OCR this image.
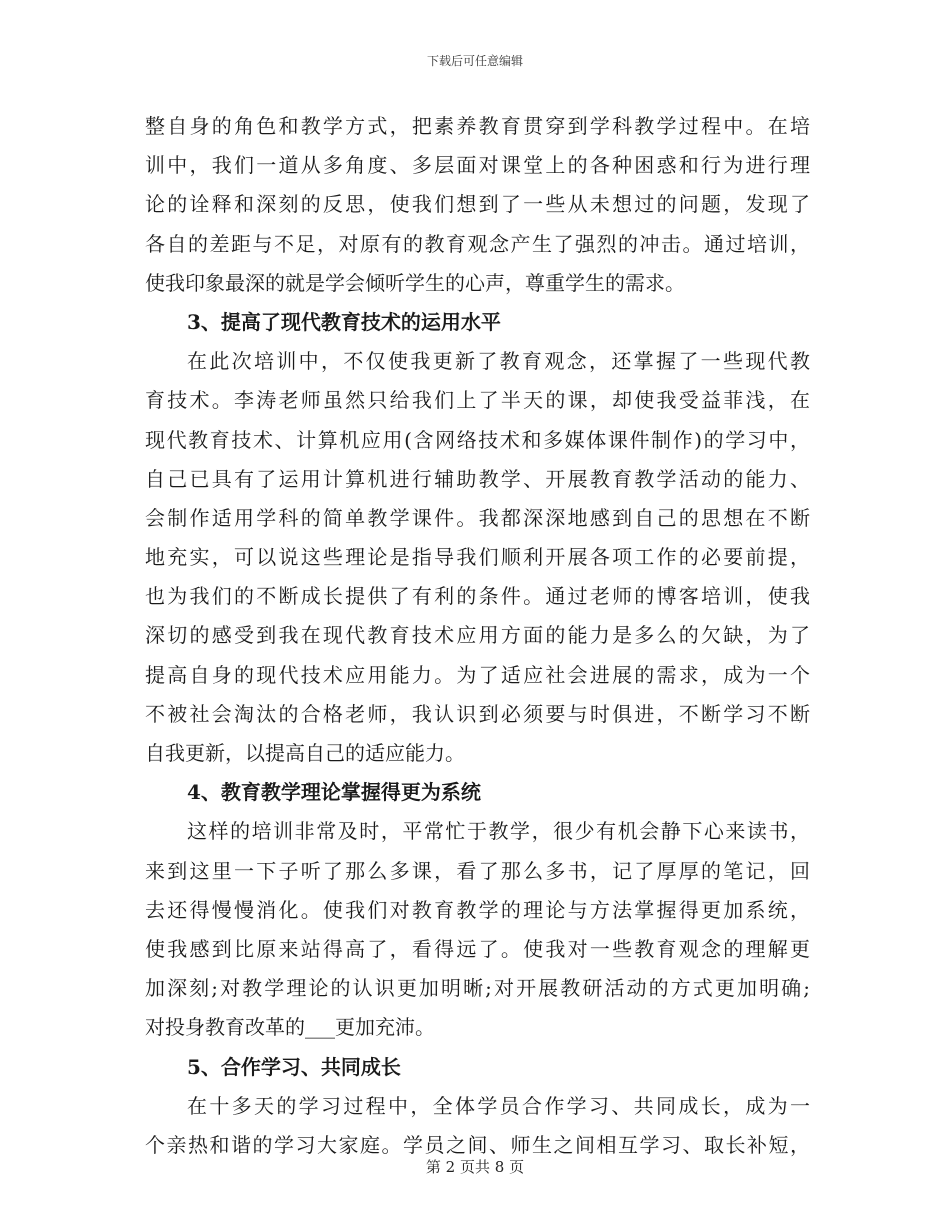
下载后可任意编辑
整自身的角色和教学方式，把素养教育贯穿到学科教学过程中。在培
训中，我们一道从多角度、多层面对课堂上的各种困惑和行为进行理
论的诠释和深刻的反思，使我们想到了一些从未想过的问题，发现了
各自的差距与不足，对原有的教育观念产生了强烈的冲击。通过培训，
使我印象最深的就是学会倾听学生的心声，尊重学生的需求。
3、提高了现代教育技术的运用水平
在此次培训中，不仅使我更新了教育观念，还掌握了一些现代教
育技术。李涛老师虽然只给我们上了半天的课，却使我受益菲浅，在
现代教育技术、计算机应用(含网络技术和多媒体课件制作)的学习中，
自己已具有了运用计算机进行辅助教学、开展教育教学活动的能力、
会制作适用学科的简单教学课件。我都深深地感到自己的思想在不断
地充实，可以说这些理论是指导我们顺利开展各项工作的必要前提，
也为我们的不断成长提供了有利的条件。通过老师的博客培训，使我
深切的感受到我在现代教育技术应用方面的能力是多么的欠缺，为了
提高自身的现代技术应用能力。为了适应社会进展的需求，成为一个
不被社会淘汰的合格老师，我认识到必须要与时俱进，不断学习不断
自我更新，以提高自己的适应能力。
4、教育教学理论掌握得更为系统
这样的培训非常及时，平常忙于教学，很少有机会静下心来读书，
来到这里一下子听了那么多课，看了那么多书，记了厚厚的笔记，回
去还得慢慢消化。使我们对教育教学的理论与方法掌握得更加系统，
使我感到比原来站得高了，看得远了。使我对一些教育观念的理解更
加深刻;对教学理论的认识更加明晰;对开展教研活动的方式更加明确;
对投身教育改革的___更加充沛。
5、合作学习、共同成长
在十多天的学习过程中，全体学员合作学习、共同成长，成为一
个亲热和谐的学习大家庭。学员之间、师生之间相互学习、取长补短，
第 2 页共 8 页
